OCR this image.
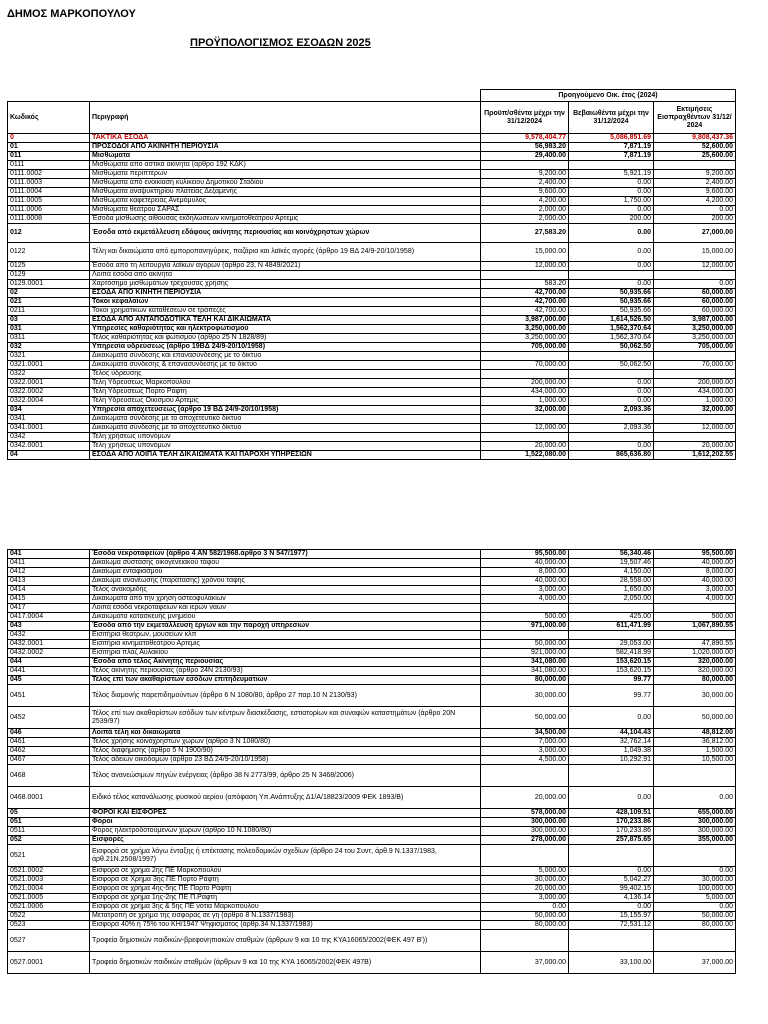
ΔΗΜΟΣ ΜΑΡΚΟΠΟΥΛΟΥ
ΠΡΟΫΠΟΛΟΓΙΣΜΟΣ ΕΣΟΔΩΝ 2025
		Προηγούμενο Οικ. έτος (2024)		
Κωδικός	Περιγραφή	Προϋπ/σθέντα μέχρι την 31/12/2024	Βεβαιωθέντα μέχρι την 31/12/2024	Εκτιμήσεις Εισπραχθέντων 31/12/ 2024
0	ΤΑΚΤΙΚΑ ΕΣΟΔΑ	9,578,404.77	5,086,851.69	9,808,437.36
01	ΠΡΟΣΟΔΟΙ ΑΠΟ ΑΚΙΝΗΤΗ ΠΕΡΙΟΥΣΙΑ	56,983.20	7,871.19	52,600.00
011	Μισθώματα	29,400.00	7,871.19	25,600.00
0111	Μισθώματα από αστικά ακίνητα (άρθρο 192 ΚΔΚ)			
0111.0002	Μισθώματα περιπτέρων	9,200.00	5,921.19	9,200.00
0111.0003	Μισθώματα από ενοικίαση κυλικείου Δημοτικού Σταδίου	2,400.00	0.00	2,400.00
0111.0004	Μισθώματα αναψυκτηρίου πλατείας Δεξαμενής	9,600.00	0.00	9,600.00
0111.0005	Μισθώματα καφετέρειας Ανεμόμυλος	4,200.00	1,750.00	4,200.00
0111.0006	Μισθώματα θεάτρου ΣΑΡΑΣ	2,000.00	0.00	0.00
0111.0008	Έσοδα μίσθωσης αίθουσας εκδηλώσεων κινηματοθεάτρου Αρτεμις	2,000.00	200.00	200.00
012	Έσοδα από εκμετάλλευση εδάφους ακίνητης περιουσίας και κοινόχρηστων χώρων	27,583.20	0.00	27,000.00
0122	Τέλη και δικαιώματα από εμποροπανηγύρεις, παζάρια και λαϊκές αγορές (άρθρο 19 ΒΔ 24/9-20/10/1958)	15,000.00	0.00	15,000.00
0125	Έσοδα από τη λειτουργία λαϊκών αγορών (άρθρο 23, Ν 4849/2021)	12,000.00	0.00	12,000.00
0129	Λοιπά έσοδα από ακίνητα			
0129.0001	Χαρτόσημο μισθωμάτων τρέχουσας χρήσης	583.20	0.00	0.00
02	ΕΣΟΔΑ ΑΠΟ ΚΙΝΗΤΗ ΠΕΡΙΟΥΣΙΑ	42,700.00	50,935.66	60,000.00
021	Τόκοι κεφαλαίων	42,700.00	50,935.66	60,000.00
0211	Τόκοι χρηματικών καταθέσεων σε τράπεζες	42,700.00	50,935.66	60,000.00
03	ΕΣΟΔΑ ΑΠΟ ΑΝΤΑΠΟΔΟΤΙΚΑ ΤΕΛΗ ΚΑΙ ΔΙΚΑΙΩΜΑΤΑ	3,987,000.00	1,614,526.50	3,987,000.00
031	Υπηρεσίες καθαριότητας και ηλεκτροφωτισμού	3,250,000.00	1,562,370.64	3,250,000.00
0311	Τέλος καθαριότητας και φωτισμού (άρθρο 25 Ν 1828/89)	3,250,000.00	1,562,370.64	3,250,000.00
032	Υπηρεσία υδρεύσεως (άρθρο 19ΒΔ 24/9-20/10/1958)	705,000.00	50,062.50	705,000.00
0321	Δικαιώματα σύνδεσης και επανασύνδεσης με το δίκτυο			
0321.0001	Δικαιώματα σύνδεσης & επανασύνδεσης με το δίκτυο	70,000.00	50,062.50	70,000.00
0322	Τέλος ύδρευσης			
0322.0001	Τέλη Υδρεύσεως Μαρκοπούλου	200,000.00	0.00	200,000.00
0322.0002	Τέλη Υδρεύσεως Πορτο Ράφτη	434,000.00	0.00	434,000.00
0322.0004	Τέλη Υδρεύσεως Οικισμού Αρτεμις	1,000.00	0.00	1,000.00
034	Υπηρεσία αποχετεύσεως (άρθρο 19 ΒΔ 24/9-20/10/1958)	32,000.00	2,093.36	32,000.00
0341	Δικαιώματα σύνδεσης με το αποχετευτικό δίκτυο			
0341.0001	Δικαιώματα σύνδεσης με το αποχετευτικό δίκτυο	12,000.00	2,093.36	12,000.00
0342	Τέλη χρήσεως υπονόμων			
0342.0001	Τέλη χρήσεως υπονόμων	20,000.00	0.00	20,000.00
04	ΕΣΟΔΑ ΑΠΟ ΛΟΙΠΑ ΤΕΛΗ ΔΙΚΑΙΩΜΑΤΑ ΚΑΙ ΠΑΡΟΧΗ ΥΠΗΡΕΣΙΩΝ	1,522,080.00	865,636.80	1,612,202.55
041	Έσοδα νεκροταφείων (άρθρο 4 ΑΝ 582/1968.άρθρο 3 Ν 547/1977)	95,500.00	56,340.46	95,500.00
0411	Δικαίωμα σύστασης οικογενειακού τάφου	40,000.00	19,507.46	40,000.00
0412	Δικαίωμα ενταφιασμού	8,000.00	4,150.00	8,000.00
0413	Δικαίωμα ανανέωσης (παράτασης) χρόνου ταφής	40,000.00	28,558.00	40,000.00
0414	Τέλος ανακομιδής	3,000.00	1,650.00	3,000.00
0415	Δικαιώματα από την χρήση οστεοφυλακίων	4,000.00	2,050.00	4,000.00
0417	Λοιπά έσοδα νεκροταφείων και ιερών ναών			
0417.0004	Δικαιώματα κατασκευής μνημείου	500.00	425.00	500.00
043	Έσοδα από την εκμετάλλευση έργων και την παροχή υπηρεσιών	971,000.00	611,471.99	1,067,890.55
0432	Εισιτήρια θεάτρων, μουσείων κλπ			
0432.0001	Εισιτήρια κινηματοθεάτρου Αρτεμις	50,000.00	29,053.00	47,890.55
0432.0002	Εισιτήρια πλαζ Αυλακίου	921,000.00	582,418.99	1,020,000.00
044	Έσοδα από τέλος Ακίνητης περιουσίας	341,080.00	153,620.15	320,000.00
0441	Τέλος ακίνητης περιουσίας (άρθρο 24Ν 2130/93)	341,080.00	153,620.15	320,000.00
045	Τέλος επί των ακαθαρίστων εσόδων επιτηδευματιών	80,000.00	99.77	80,000.00
0451	Τέλος διαμονής παρεπιδημούντων (άρθρο 6 Ν 1080/80, άρθρο 27 παρ.10 Ν 2130/93)	30,000.00	99.77	30,000.00
0452	Τέλος επί των ακαθαρίστων εσόδων των κέντρων διασκέδασης, εστιατορίων και συναφών καταστημάτων (άρθρο 20Ν 2539/97)	50,000.00	0.00	50,000.00
046	Λοιπά τέλη και δικαιώματα	34,500.00	44,104.43	48,812.00
0461	Τέλος χρήσης κοινόχρηστων χώρων (άρθρο 3 Ν 1080/80)	7,000.00	32,762.14	36,812.00
0462	Τέλος διαφήμισης (άρθρο 5 Ν 1900/90)	3,000.00	1,049.38	1,500.00
0467	Τέλος αδειών οικοδομών (άρθρο 23 ΒΔ 24/9-20/10/1958)	4,500.00	10,292.91	10,500.00
0468	Τέλος ανανεώσιμων πηγών ενέργειας (άρθρο 38 Ν 2773/99, άρθρο 25 Ν 3468/2006)			
0468.0001	Ειδικό τέλος κατανάλωσης φυσικού αερίου (απόφαση Υπ.Ανάπτυξης Δ1/Α/18823/2009 ΦΕΚ 1893/Β)	20,000.00	0.00	0.00
05	ΦΟΡΟΙ ΚΑΙ ΕΙΣΦΟΡΕΣ	578,000.00	428,109.51	655,000.00
051	Φόροι	300,000.00	170,233.86	300,000.00
0511	Φόρος ηλεκτροδοτούμενων χώρων (άρθρο 10 Ν.1080/80)	300,000.00	170,233.86	300,000.00
052	Εισφορές	278,000.00	257,875.65	355,000.00
0521	Εισφορά σε χρήμα λόγω ένταξης ή επέκτασης πολεοδομικών σχεδίων (άρθρο 24 του Συντ, άρθ.9 Ν.1337/1983, άρθ.21Ν.2508/1997)			
0521.0002	Εισφορά σε χρήμα 2ης ΠΕ Μαρκοπούλου	5,000.00	0.00	0.00
0521.0003	Εισφορά σε Χρήμα 3ης ΠΕ Πορτο Ράφτη	30,000.00	5,042.27	30,000.00
0521.0004	Εισφορά σε χρήμα 4ης-5ης ΠΕ Πορτο Ράφτη	20,000.00	99,402.15	100,000.00
0521.0005	Εισφορά σε χρήμα 1ης-2ης ΠΕ Π.Ραφτη	3,000.00	4,136.14	5,000.00
0521.0006	Εισφορά σε χρήμα 3ης & 5ης ΠΕ νότια Μαρκοπούλου	0.00	0.00	0.00
0522	Μετατροπή σε χρήμα της εισφοράς σε γη (άρθρο 8 Ν.1337/1983)	50,000.00	15,155.97	50,000.00
0523	Εισφορά 40% ή 75% του ΚΗ/1947 Ψηφισματος (άρθρ.34 Ν.1337/1983)	80,000.00	72,531.12	80,000.00
0527	Τροφεία δημοτικών παιδικών-βρεφονηπιακών σταθμών (άρθρων 9 και 10 της ΚΥΑ16065/2002(ΦΕΚ 497 Β'))			
0527.0001	Τροφεία δημοτικών παιδικών σταθμών (άρθρων 9 και 10 της ΚΥΑ 16065/2002(ΦΕΚ 497Β)	37,000.00	33,100.00	37,000.00
